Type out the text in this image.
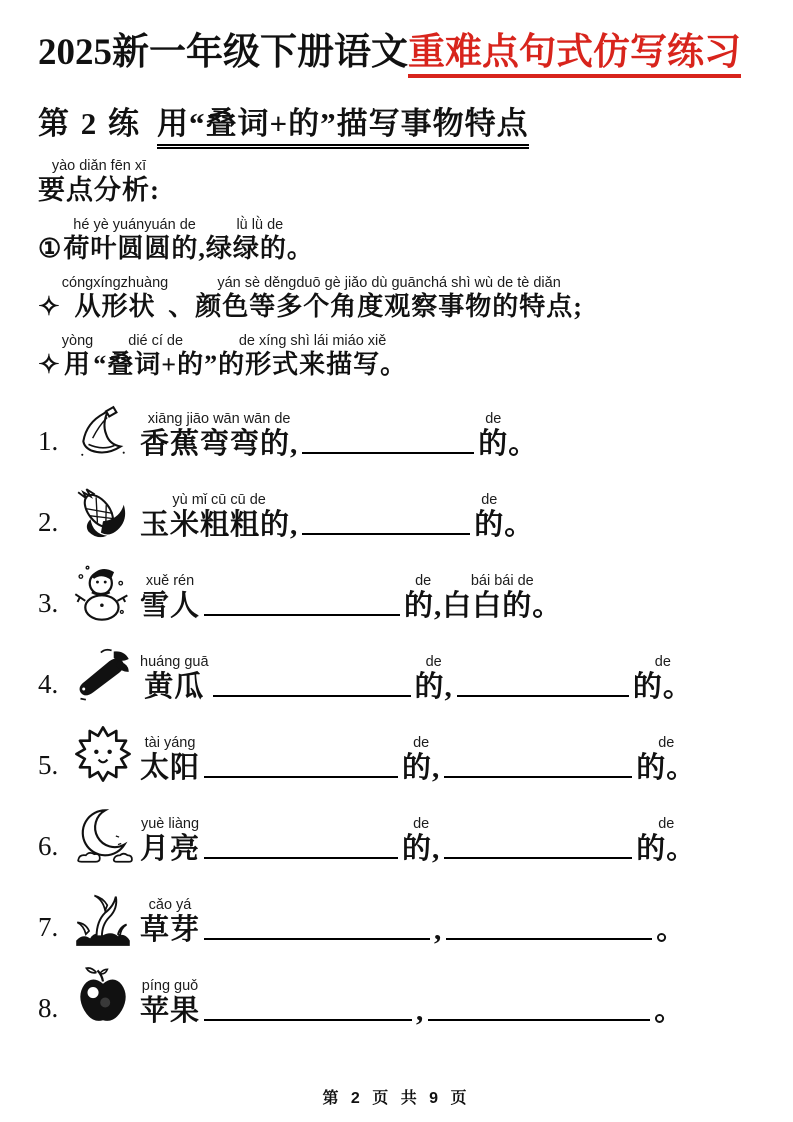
2025新一年级下册语文重难点句式仿写练习
第 2 练 用“叠词+的”描写事物特点
yào diǎn fēn xī
要点分析:
①
hé yè yuányuán de
荷叶圆圆的,
lǜ lǜ de
绿绿的。
✧
cóngxíngzhuàng
从形状
、
yán sè děngduō gè jiǎo dù guānchá shì wù de tè diǎn
颜色等多个角度观察事物的特点;
✧
yòng
用
dié cí de
“叠词+的”
de xíng shì lái miáo xiě
的形式来描写。
1.
xiāng jiāo wān wān de
香蕉弯弯的,
de
的
。
2.
yù mǐ cū cū de
玉米粗粗的,
de
的
。
3.
xuě rén
雪人
de
的,
bái bái de
白白的。
4.
huáng guā
黄瓜
de
的,
de
的。
5.
tài yáng
太阳
de
的,
de
的。
6.
yuè liàng
月亮
de
的,
de
的。
7.
cǎo yá
草芽
	,
	。
8.
píng guǒ
苹果
	,
	。
第 2 页 共 9 页
